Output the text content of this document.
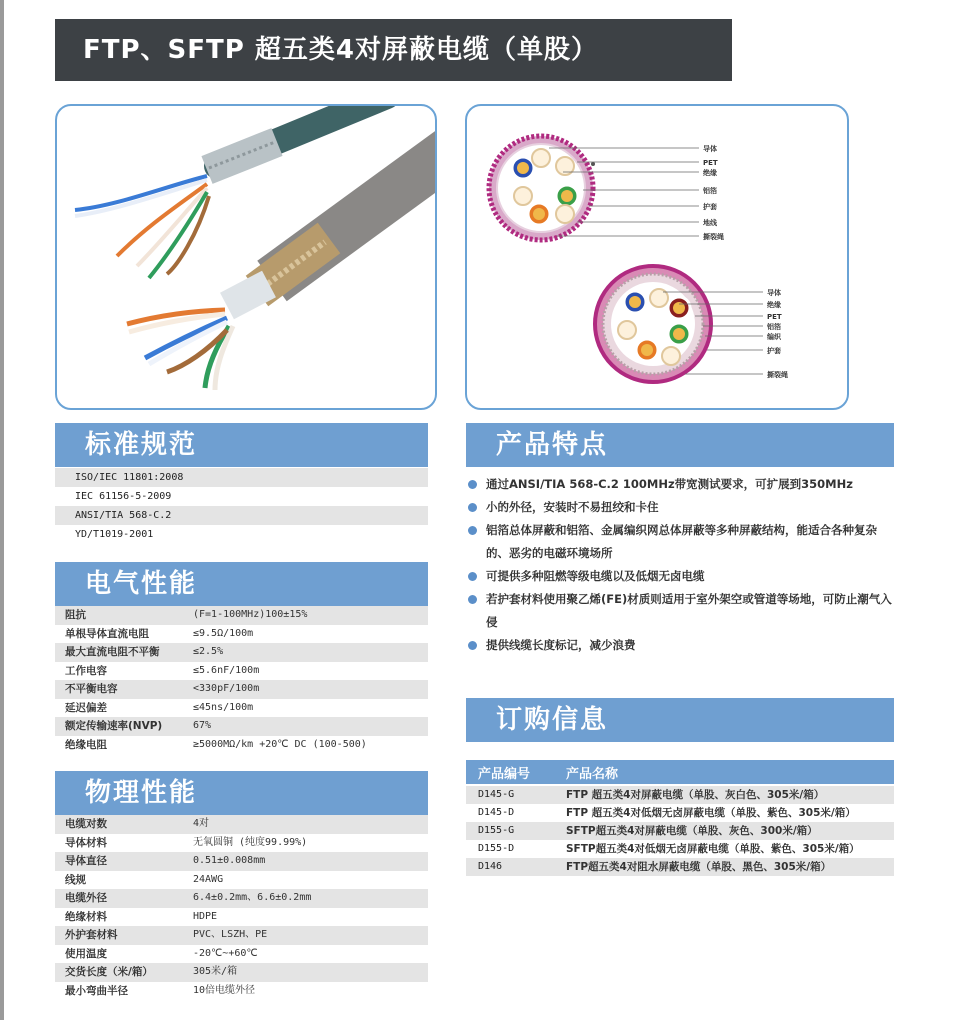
FTP、SFTP 超五类4对屏蔽电缆（单股）
导体
PET
绝缘
铝箔
护套
地线
撕裂绳
导体
绝缘
PET
铝箔
编织
护套
撕裂绳
标准规范
ISO/IEC 11801:2008
IEC 61156-5-2009
ANSI/TIA 568-C.2
YD/T1019-2001
电气性能
阻抗	(F=1-100MHz)100±15%
单根导体直流电阻	≤9.5Ω/100m
最大直流电阻不平衡	≤2.5%
工作电容	≤5.6nF/100m
不平衡电容	<330pF/100m
延迟偏差	≤45ns/100m
额定传输速率(NVP)	67%
绝缘电阻	≥5000MΩ/km +20℃ DC (100-500)
物理性能
电缆对数	4对
导体材料	无氧圆铜 (纯度99.99%)
导体直径	0.51±0.008mm
线规	24AWG
电缆外径	6.4±0.2mm、6.6±0.2mm
绝缘材料	HDPE
外护套材料	PVC、LSZH、PE
使用温度	-20℃~+60℃
交货长度（米/箱）	305米/箱
最小弯曲半径	10倍电缆外径
产品特点
通过ANSI/TIA 568-C.2 100MHz带宽测试要求，可扩展到350MHz
小的外径，安装时不易扭绞和卡住
铝箔总体屏蔽和铝箔、金属编织网总体屏蔽等多种屏蔽结构，能适合各种复杂的、恶劣的电磁环境场所
可提供多种阻燃等级电缆以及低烟无卤电缆
若护套材料使用聚乙烯(FE)材质则适用于室外架空或管道等场地，可防止潮气入侵
提供线缆长度标记，减少浪费
订购信息
产品编号	产品名称
D145-G	FTP 超五类4对屏蔽电缆（单股、灰白色、305米/箱）
D145-D	FTP 超五类4对低烟无卤屏蔽电缆（单股、紫色、305米/箱）
D155-G	SFTP超五类4对屏蔽电缆（单股、灰色、300米/箱）
D155-D	SFTP超五类4对低烟无卤屏蔽电缆（单股、紫色、305米/箱）
D146	FTP超五类4对阻水屏蔽电缆（单股、黑色、305米/箱）
